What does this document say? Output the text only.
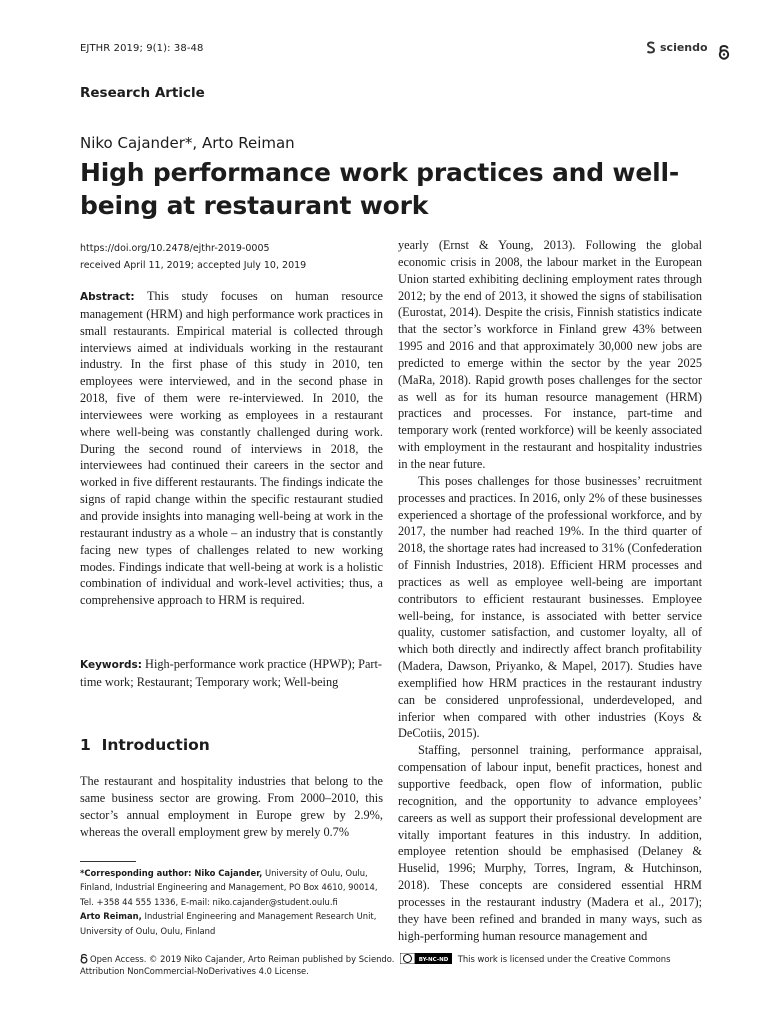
EJTHR 2019; 9(1): 38-48	sciendo
Research Article
Niko Cajander*, Arto Reiman
High performance work practices and well-being at restaurant work
https://doi.org/10.2478/ejthr-2019-0005
received April 11, 2019; accepted July 10, 2019

Abstract: This study focuses on human resource management (HRM) and high performance work practices in small restaurants. Empirical material is collected through interviews aimed at individuals working in the restaurant industry. In the first phase of this study in 2010, ten employees were interviewed, and in the second phase in 2018, five of them were re-interviewed. In 2010, the interviewees were working as employees in a restaurant where well-being was constantly challenged during work. During the second round of interviews in 2018, the interviewees had continued their careers in the sector and worked in five different restaurants. The findings indicate the signs of rapid change within the specific restaurant studied and provide insights into managing well-being at work in the restaurant industry as a whole – an industry that is constantly facing new types of challenges related to new working modes. Findings indicate that well-being at work is a holistic combination of individual and work-level activities; thus, a comprehensive approach to HRM is required.

Keywords: High-performance work practice (HPWP); Part-time work; Restaurant; Temporary work; Well-being
1 Introduction
The restaurant and hospitality industries that belong to the same business sector are growing. From 2000–2010, this sector’s annual employment in Europe grew by 2.9%, whereas the overall employment grew by merely 0.7%
*Corresponding author: Niko Cajander, University of Oulu, Oulu, Finland, Industrial Engineering and Management, PO Box 4610, 90014, Tel. +358 44 555 1336, E-mail: niko.cajander@student.oulu.fi
Arto Reiman, Industrial Engineering and Management Research Unit, University of Oulu, Oulu, Finland

yearly (Ernst & Young, 2013). Following the global economic crisis in 2008, the labour market in the European Union started exhibiting declining employment rates through 2012; by the end of 2013, it showed the signs of stabilisation (Eurostat, 2014). Despite the crisis, Finnish statistics indicate that the sector’s workforce in Finland grew 43% between 1995 and 2016 and that approximately 30,000 new jobs are predicted to emerge within the sector by the year 2025 (MaRa, 2018). Rapid growth poses challenges for the sector as well as for its human resource management (HRM) practices and processes. For instance, part-time and temporary work (rented workforce) will be keenly associated with employment in the restaurant and hospitality industries in the near future.

This poses challenges for those businesses’ recruitment processes and practices. In 2016, only 2% of these businesses experienced a shortage of the professional workforce, and by 2017, the number had reached 19%. In the third quarter of 2018, the shortage rates had increased to 31% (Confederation of Finnish Industries, 2018). Efficient HRM processes and practices as well as employee well-being are important contributors to efficient restaurant businesses. Employee well-being, for instance, is associated with better service quality, customer satisfaction, and customer loyalty, all of which both directly and indirectly affect branch profitability (Madera, Dawson, Priyanko, & Mapel, 2017). Studies have exemplified how HRM practices in the restaurant industry can be considered unprofessional, underdeveloped, and inferior when compared with other industries (Koys & DeCotiis, 2015).

Staffing, personnel training, performance appraisal, compensation of labour input, benefit practices, honest and supportive feedback, open flow of information, public recognition, and the opportunity to advance employees’ careers as well as support their professional development are vitally important features in this industry. In addition, employee retention should be emphasised (Delaney & Huselid, 1996; Murphy, Torres, Ingram, & Hutchinson, 2018). These concepts are considered essential HRM processes in the restaurant industry (Madera et al., 2017); they have been refined and branded in many ways, such as high-performing human resource management and

Open Access. © 2019 Niko Cajander, Arto Reiman published by Sciendo.	BY-NC-ND This work is licensed under the Creative Commons Attribution NonCommercial-NoDerivatives 4.0 License.
